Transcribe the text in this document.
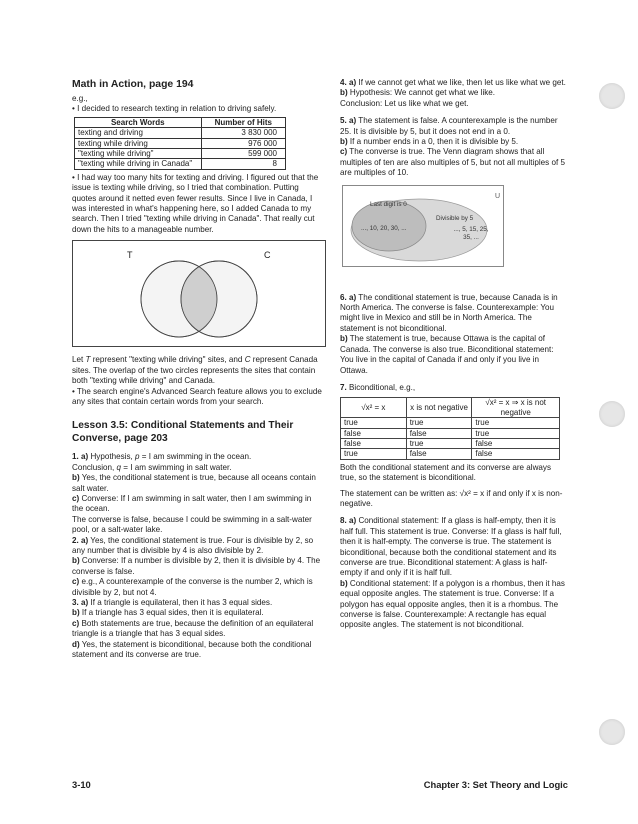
Math in Action, page 194

e.g.,

• I decided to research texting in relation to driving safely.

Search Words	Number of Hits
texting and driving	3 830 000
texting while driving	976 000
"texting while driving"	599 000
"texting while driving in Canada"	8

• I had way too many hits for texting and driving. I figured out that the issue is texting while driving, so I tried that combination. Putting quotes around it netted even fewer results. Since I live in Canada, I was interested in what's happening here, so I added Canada to my search. Then I tried "texting while driving in Canada". That really cut down the hits to a manageable number.

T	C

Let T represent "texting while driving" sites, and C represent Canada sites. The overlap of the two circles represents the sites that contain both "texting while driving" and Canada.

• The search engine's Advanced Search feature allows you to exclude any sites that contain certain words from your search.

Lesson 3.5: Conditional Statements and Their Converse, page 203

1. a) Hypothesis, p = I am swimming in the ocean.

Conclusion, q = I am swimming in salt water.

b) Yes, the conditional statement is true, because all oceans contain salt water.

c) Converse: If I am swimming in salt water, then I am swimming in the ocean.

The converse is false, because I could be swimming in a salt-water pool, or a salt-water lake.

2. a) Yes, the conditional statement is true. Four is divisible by 2, so any number that is divisible by 4 is also divisible by 2.

b) Converse: If a number is divisible by 2, then it is divisible by 4. The converse is false.

c) e.g., A counterexample of the converse is the number 2, which is divisible by 2, but not 4.

3. a) If a triangle is equilateral, then it has 3 equal sides.

b) If a triangle has 3 equal sides, then it is equilateral.

c) Both statements are true, because the definition of an equilateral triangle is a triangle that has 3 equal sides.

d) Yes, the statement is biconditional, because both the conditional statement and its converse are true.

4. a) If we cannot get what we like, then let us like what we get.

b) Hypothesis: We cannot get what we like.

Conclusion: Let us like what we get.

5. a) The statement is false. A counterexample is the number 25. It is divisible by 5, but it does not end in a 0.

b) If a number ends in a 0, then it is divisible by 5.

c) The converse is true. The Venn diagram shows that all multiples of ten are also multiples of 5, but not all multiples of 5 are multiples of 10.

U
Last digit is 0
..., 10, 20, 30, ...
Divisible by 5
..., 5, 15, 25, 35, ...

6. a) The conditional statement is true, because Canada is in North America. The converse is false. Counterexample: You might live in Mexico and still be in North America. The statement is not biconditional.

b) The statement is true, because Ottawa is the capital of Canada. The converse is also true. Biconditional statement: You live in the capital of Canada if and only if you live in Ottawa.

7. Biconditional, e.g.,

√x² = x	x is not negative	√x² = x ⇒ x is not negative
true	true	true
false	false	true
false	true	false
true	false	false

Both the conditional statement and its converse are always true, so the statement is biconditional.

The statement can be written as: √x² = x if and only if x is non-negative.

8. a) Conditional statement: If a glass is half-empty, then it is half full. This statement is true. Converse: If a glass is half full, then it is half-empty. The converse is true. The statement is biconditional, because both the conditional statement and its converse are true. Biconditional statement: A glass is half-empty if and only if it is half full.

b) Conditional statement: If a polygon is a rhombus, then it has equal opposite angles. The statement is true. Converse: If a polygon has equal opposite angles, then it is a rhombus. The converse is false. Counterexample: A rectangle has equal opposite angles. The statement is not biconditional.

3-10	Chapter 3: Set Theory and Logic
